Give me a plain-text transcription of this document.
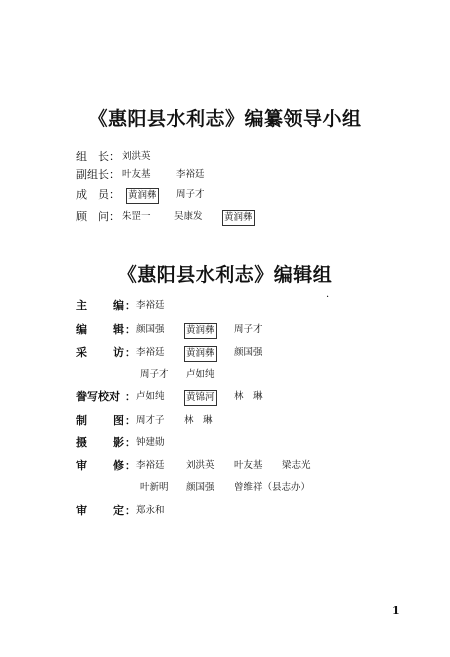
《惠阳县水利志》编纂领导小组
组　长： 刘洪英
副组长： 叶友基	李裕廷
成　员： 黄润彝 周子才
顾　问： 朱罡一 吴康发 黄润彝
《惠阳县水利志》编辑组
·
主 编 ： 李裕廷
编 辑 ： 颜国强 黄润彝 周子才
采 访 ： 李裕廷 黄润彝 颜国强
周子才 卢如纯
誊写校对 ： 卢如纯 黄锦河 林　琳
制 图 ： 周才子 林　琳
摄 影 ： 钟建勋
审 修 ： 李裕廷 刘洪英 叶友基 梁志光
叶新明 颜国强 曾维祥（县志办）
审 定 ： 郑永和
1
